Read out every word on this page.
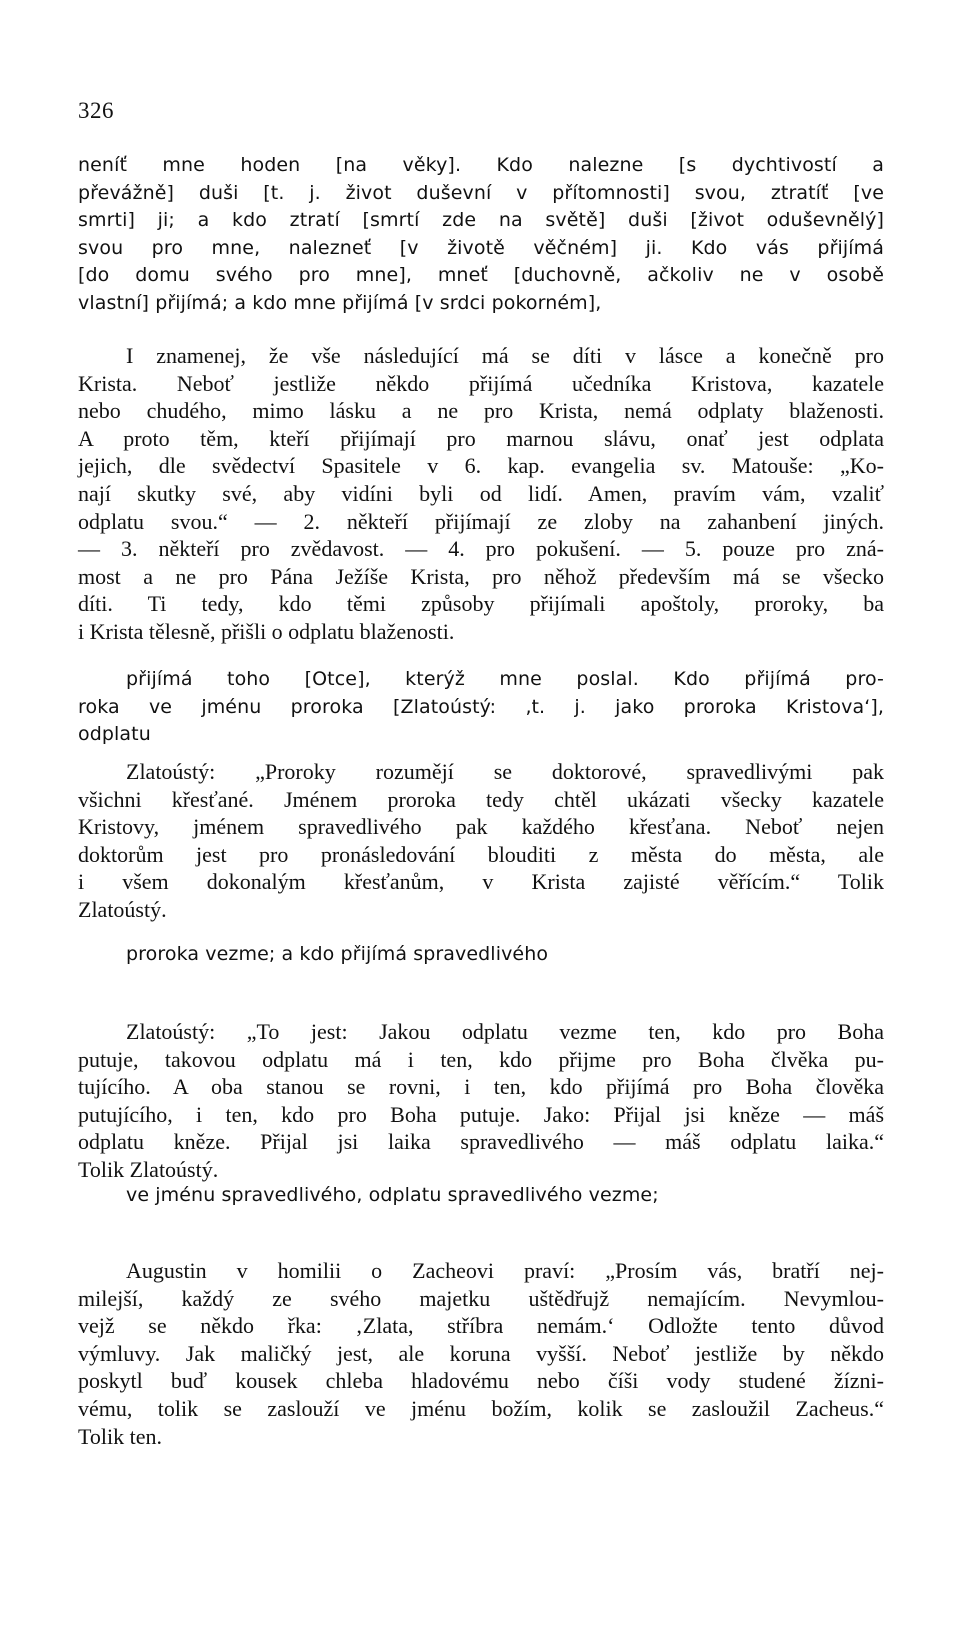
326
neníť mne hoden [na věky]. Kdo nalezne [s dychtivostí a
převážně] duši [t. j. život duševní v přítomnosti] svou, ztratíť [ve
smrti] ji; a kdo ztratí [smrtí zde na světě] duši [život oduševnělý]
svou pro mne, nalezneť [v životě věčném] ji. Kdo vás přijímá
[do domu svého pro mne], mneť [duchovně, ačkoliv ne v osobě
vlastní] přijímá; a kdo mne přijímá [v srdci pokorném],
I znamenej, že vše následující má se díti v lásce a konečně pro
Krista. Neboť jestliže někdo přijímá učedníka Kristova, kazatele
nebo chudého, mimo lásku a ne pro Krista, nemá odplaty blaženosti.
A proto těm, kteří přijímají pro marnou slávu, onať jest odplata
jejich, dle svědectví Spasitele v 6. kap. evangelia sv. Matouše: „Ko-
nají skutky své, aby vidíni byli od lidí. Amen, pravím vám, vzaliť
odplatu svou.“ — 2. někteří přijímají ze zloby na zahanbení jiných.
— 3. někteří pro zvědavost. — 4. pro pokušení. — 5. pouze pro zná-
most a ne pro Pána Ježíše Krista, pro něhož především má se všecko
díti. Ti tedy, kdo těmi způsoby přijímali apoštoly, proroky, ba
i Krista tělesně, přišli o odplatu blaženosti.
přijímá toho [Otce], kterýž mne poslal. Kdo přijímá pro-
roka ve jménu proroka [Zlatoústý: ‚t. j. jako proroka Kristova‘],
odplatu
Zlatoústý: „Proroky rozumějí se doktorové, spravedlivými pak
všichni křesťané. Jménem proroka tedy chtěl ukázati všecky kazatele
Kristovy, jménem spravedlivého pak každého křesťana. Neboť nejen
doktorům jest pro pronásledování blouditi z města do města, ale
i všem dokonalým křesťanům, v Krista zajisté věřícím.“ Tolik
Zlatoústý.
proroka vezme; a kdo přijímá spravedlivého
Zlatoústý: „To jest: Jakou odplatu vezme ten, kdo pro Boha
putuje, takovou odplatu má i ten, kdo přijme pro Boha člvěka pu-
tujícího. A oba stanou se rovni, i ten, kdo přijímá pro Boha člověka
putujícího, i ten, kdo pro Boha putuje. Jako: Přijal jsi kněze — máš
odplatu kněze. Přijal jsi laika spravedlivého — máš odplatu laika.“
Tolik Zlatoústý.
ve jménu spravedlivého, odplatu spravedlivého vezme;
Augustin v homilii o Zacheovi praví: „Prosím vás, bratří nej-
milejší, každý ze svého majetku uštědřujž nemajícím. Nevymlou-
vejž se někdo řka: ‚Zlata, stříbra nemám.‘ Odložte tento důvod
výmluvy. Jak maličký jest, ale koruna vyšší. Neboť jestliže by někdo
poskytl buď kousek chleba hladovému nebo číši vody studené žízni-
vému, tolik se zaslouží ve jménu božím, kolik se zasloužil Zacheus.“
Tolik ten.
